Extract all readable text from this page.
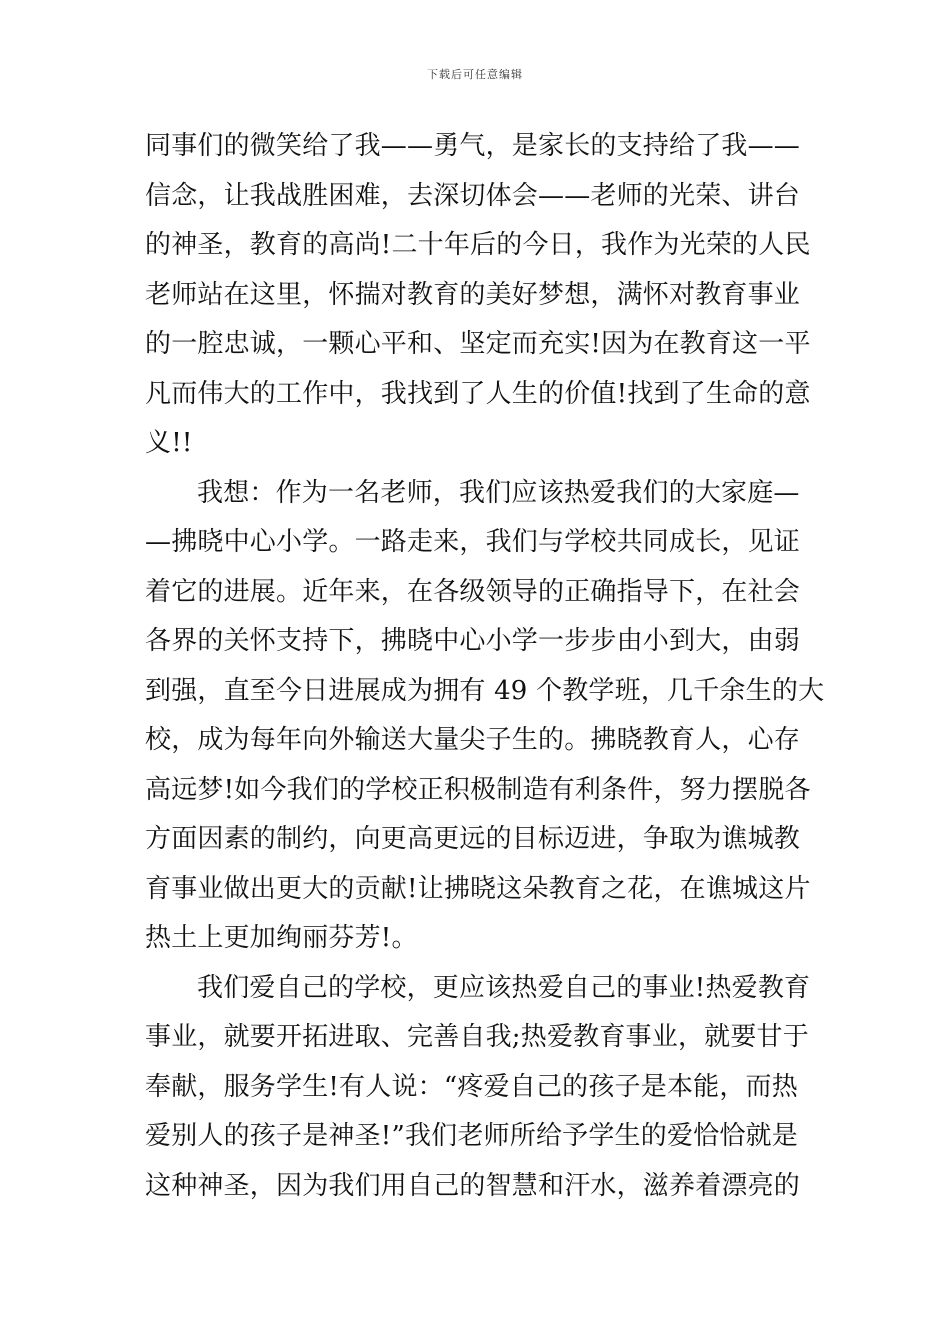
下载后可任意编辑
同事们的微笑给了我——勇气，是家长的支持给了我——
信念，让我战胜困难，去深切体会——老师的光荣、讲台
的神圣，教育的高尚!二十年后的今日，我作为光荣的人民
老师站在这里，怀揣对教育的美好梦想，满怀对教育事业
的一腔忠诚，一颗心平和、坚定而充实!因为在教育这一平
凡而伟大的工作中，我找到了人生的价值!找到了生命的意
义!!
我想：作为一名老师，我们应该热爱我们的大家庭—
—拂晓中心小学。一路走来，我们与学校共同成长，见证
着它的进展。近年来，在各级领导的正确指导下，在社会
各界的关怀支持下，拂晓中心小学一步步由小到大，由弱
到强，直至今日进展成为拥有 49 个教学班，几千余生的大
校，成为每年向外输送大量尖子生的。拂晓教育人，心存
高远梦!如今我们的学校正积极制造有利条件，努力摆脱各
方面因素的制约，向更高更远的目标迈进，争取为谯城教
育事业做出更大的贡献!让拂晓这朵教育之花，在谯城这片
热土上更加绚丽芬芳!。
我们爱自己的学校，更应该热爱自己的事业!热爱教育
事业，就要开拓进取、完善自我;热爱教育事业，就要甘于
奉献，服务学生!有人说：“疼爱自己的孩子是本能，而热
爱别人的孩子是神圣!”我们老师所给予学生的爱恰恰就是
这种神圣，因为我们用自己的智慧和汗水，滋养着漂亮的
